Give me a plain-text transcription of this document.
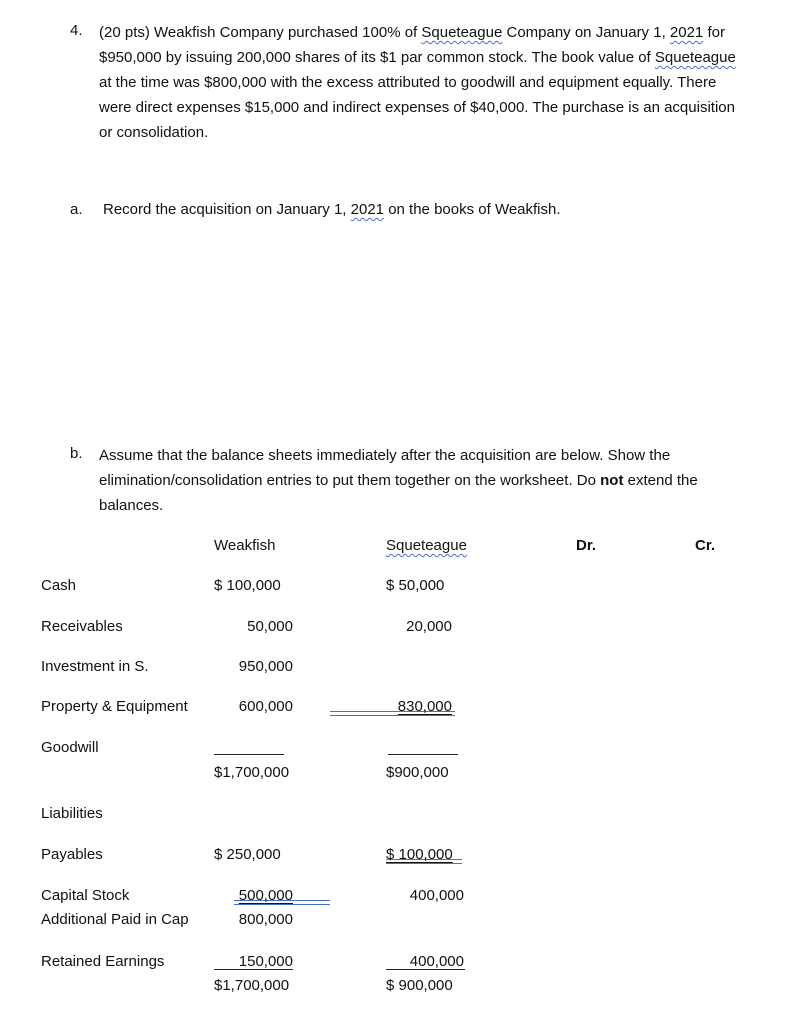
4. (20 pts) Weakfish Company purchased 100% of Squeteague Company on January 1, 2021 for
$950,000 by issuing 200,000 shares of its $1 par common stock. The book value of Squeteague
at the time was $800,000 with the excess attributed to goodwill and equipment equally. There
were direct expenses $15,000 and indirect expenses of $40,000. The purchase is an acquisition
or consolidation.
a. Record the acquisition on January 1, 2021 on the books of Weakfish.
b. Assume that the balance sheets immediately after the acquisition are below. Show the
elimination/consolidation entries to put them together on the worksheet. Do not extend the
balances.
Weakfish	Squeteague	Dr.	Cr.
Cash	$ 100,000	$ 50,000
Receivables	50,000	20,000
Investment in S.	950,000
Property & Equipment	600,000	830,000
Goodwill
$1,700,000	$900,000
Liabilities
Payables	$ 250,000	$ 100,000
Capital Stock	500,000	400,000
Additional Paid in Cap	800,000
Retained Earnings	150,000	400,000
$1,700,000	$ 900,000
